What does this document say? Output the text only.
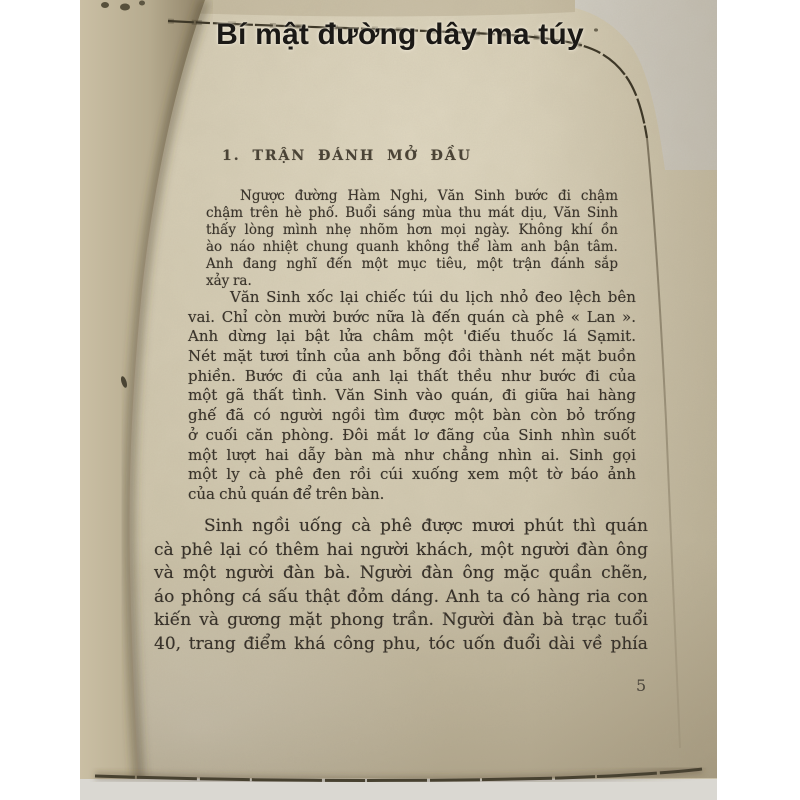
Bí mật đường dây ma túy
1. TRẬN ĐÁNH MỞ ĐẦU
Ngược đường Hàm Nghi, Văn Sinh bước đi chậm
chậm trên hè phố. Buổi sáng mùa thu mát dịu, Văn Sinh
thấy lòng mình nhẹ nhõm hơn mọi ngày. Không khí ồn
ào náo nhiệt chung quanh không thể làm anh bận tâm.
Anh đang nghĩ đến một mục tiêu, một trận đánh sắp
xảy ra.
Văn Sinh xốc lại chiếc túi du lịch nhỏ đeo lệch bên
vai. Chỉ còn mười bước nữa là đến quán cà phê « Lan ».
Anh dừng lại bật lửa châm một 'điếu thuốc lá Sạmit.
Nét mặt tươi tỉnh của anh bỗng đồi thành nét mặt buồn
phiền. Bước đi của anh lại thất thều như bước đi của
một gã thất tình. Văn Sinh vào quán, đi giữa hai hàng
ghế đã có người ngồi tìm được một bàn còn bỏ trống
ở cuối căn phòng. Đôi mắt lơ đãng của Sinh nhìn suốt
một lượt hai dẫy bàn mà như chẳng nhìn ai. Sinh gọi
một ly cà phê đen rồi cúi xuống xem một tờ báo ảnh
của chủ quán để trên bàn.
Sinh ngồi uống cà phê được mươi phút thì quán
cà phê lại có thêm hai người khách, một người đàn ông
và một người đàn bà. Người đàn ông mặc quần chẽn,
áo phông cá sấu thật đỏm dáng. Anh ta có hàng ria con
kiến và gương mặt phong trần. Người đàn bà trạc tuổi
40, trang điểm khá công phu, tóc uốn đuổi dài về phía
5
